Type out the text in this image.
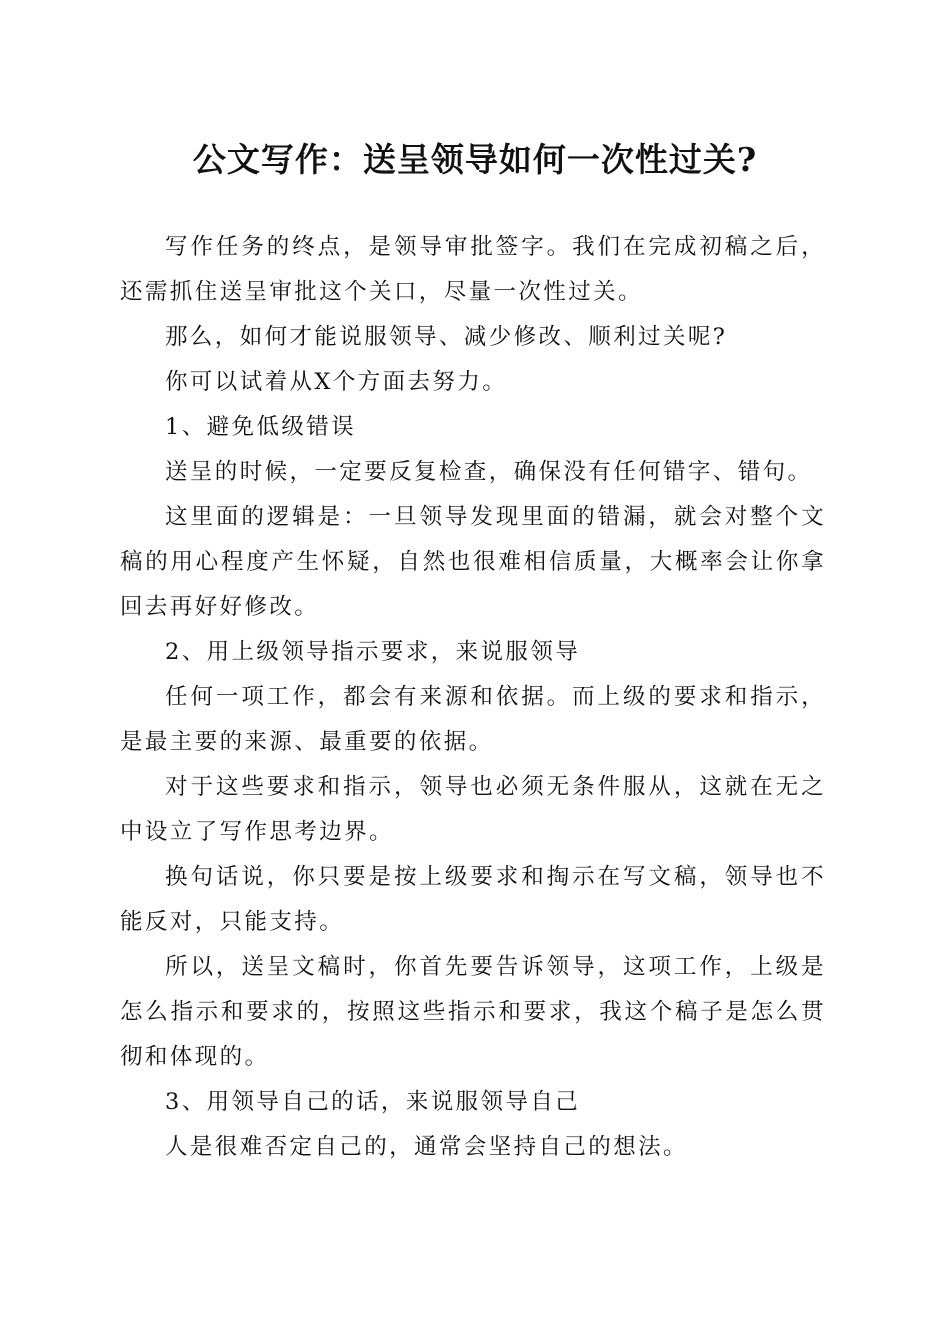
公文写作：送呈领导如何一次性过关?

写作任务的终点，是领导审批签字。我们在完成初稿之后，还需抓住送呈审批这个关口，尽量一次性过关。

那么，如何才能说服领导、减少修改、顺利过关呢?

你可以试着从X个方面去努力。

1、避免低级错误

送呈的时候，一定要反复检查，确保没有任何错字、错句。

这里面的逻辑是：一旦领导发现里面的错漏，就会对整个文稿的用心程度产生怀疑，自然也很难相信质量，大概率会让你拿回去再好好修改。

2、用上级领导指示要求，来说服领导

任何一项工作，都会有来源和依据。而上级的要求和指示，是最主要的来源、最重要的依据。

对于这些要求和指示，领导也必须无条件服从，这就在无之中设立了写作思考边界。

换句话说，你只要是按上级要求和掏示在写文稿，领导也不能反对，只能支持。

所以，送呈文稿时，你首先要告诉领导，这项工作，上级是怎么指示和要求的，按照这些指示和要求，我这个稿子是怎么贯彻和体现的。

3、用领导自己的话，来说服领导自己

人是很难否定自己的，通常会坚持自己的想法。
